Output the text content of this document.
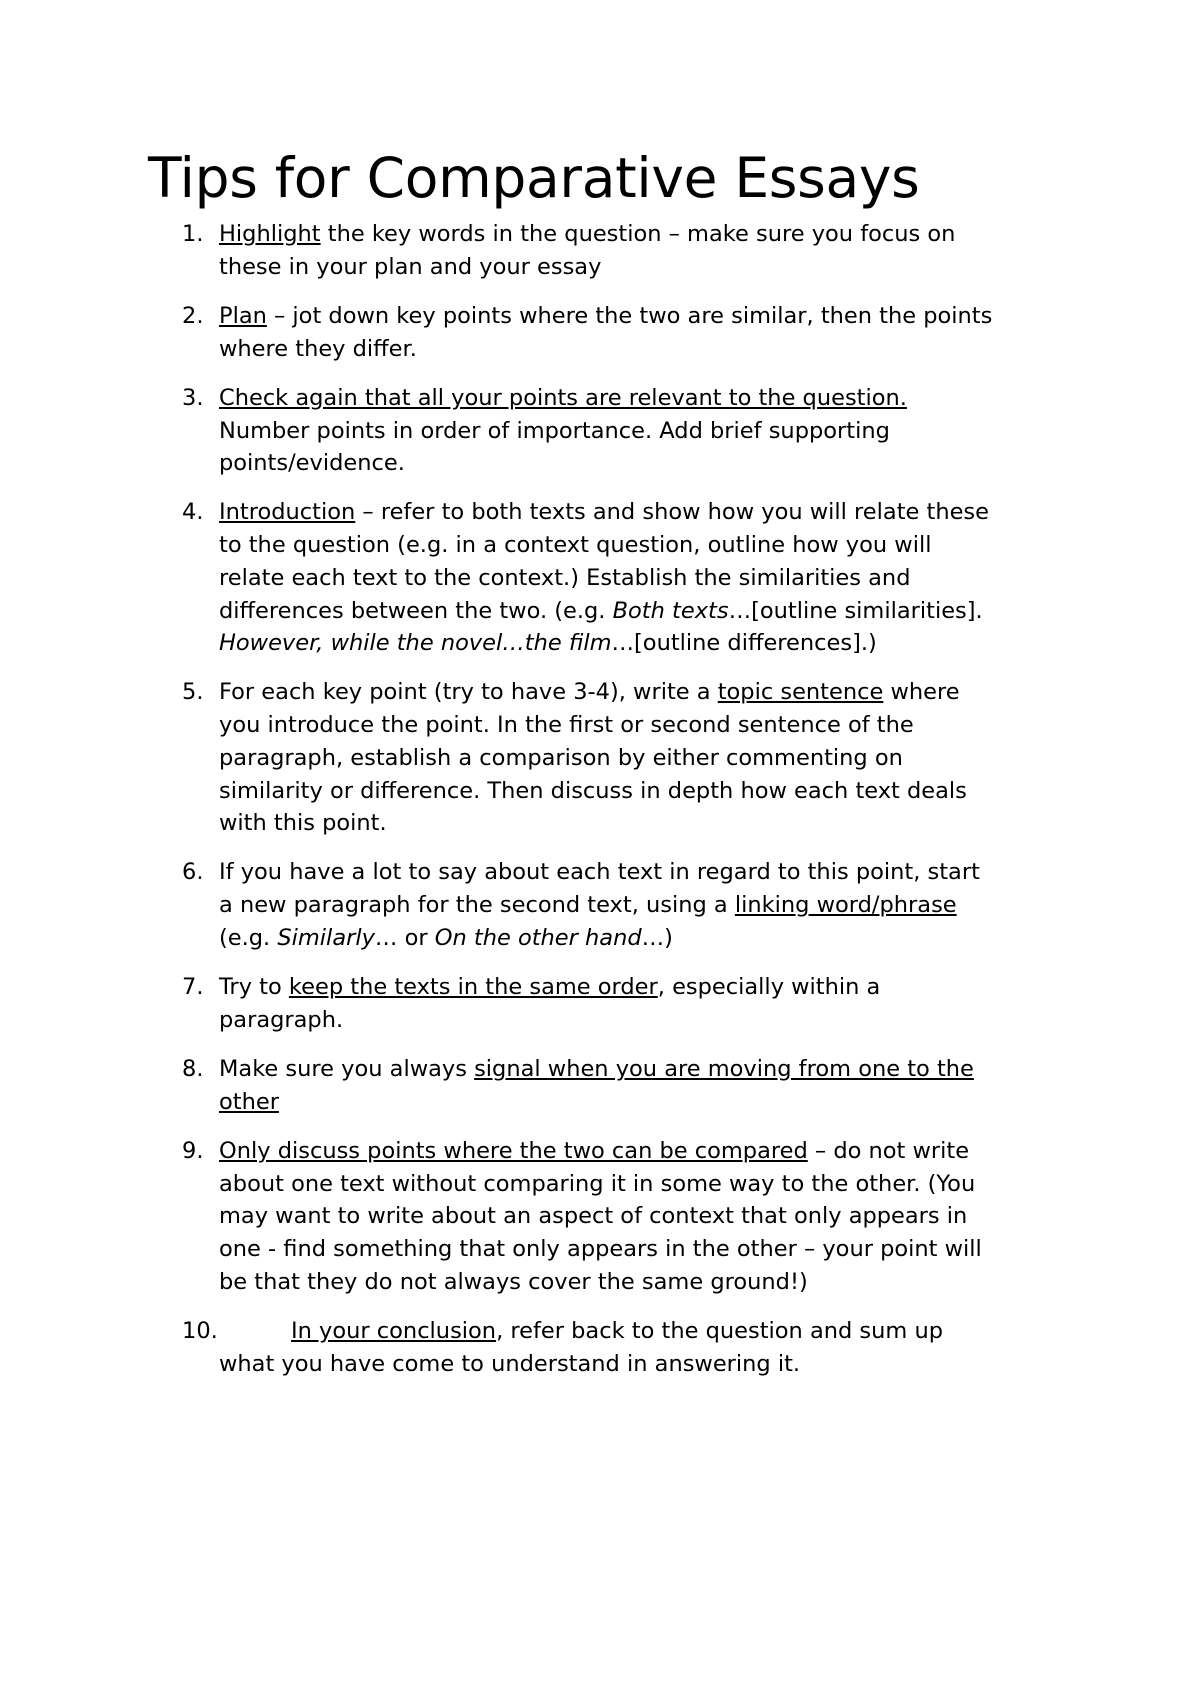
Tips for Comparative Essays
1. Highlight the key words in the question – make sure you focus on
these in your plan and your essay
2. Plan – jot down key points where the two are similar, then the points
where they differ.
3. Check again that all your points are relevant to the question.
Number points in order of importance. Add brief supporting
points/evidence.
4. Introduction – refer to both texts and show how you will relate these
to the question (e.g. in a context question, outline how you will
relate each text to the context.) Establish the similarities and
differences between the two. (e.g. Both texts…[outline similarities].
However, while the novel…the film…[outline differences].)
5. For each key point (try to have 3-4), write a topic sentence where
you introduce the point. In the first or second sentence of the
paragraph, establish a comparison by either commenting on
similarity or difference. Then discuss in depth how each text deals
with this point.
6. If you have a lot to say about each text in regard to this point, start
a new paragraph for the second text, using a linking word/phrase
(e.g. Similarly… or On the other hand…)
7. Try to keep the texts in the same order, especially within a
paragraph.
8. Make sure you always signal when you are moving from one to the
other
9. Only discuss points where the two can be compared – do not write
about one text without comparing it in some way to the other. (You
may want to write about an aspect of context that only appears in
one - find something that only appears in the other – your point will
be that they do not always cover the same ground!)
10.	In your conclusion, refer back to the question and sum up
what you have come to understand in answering it.
